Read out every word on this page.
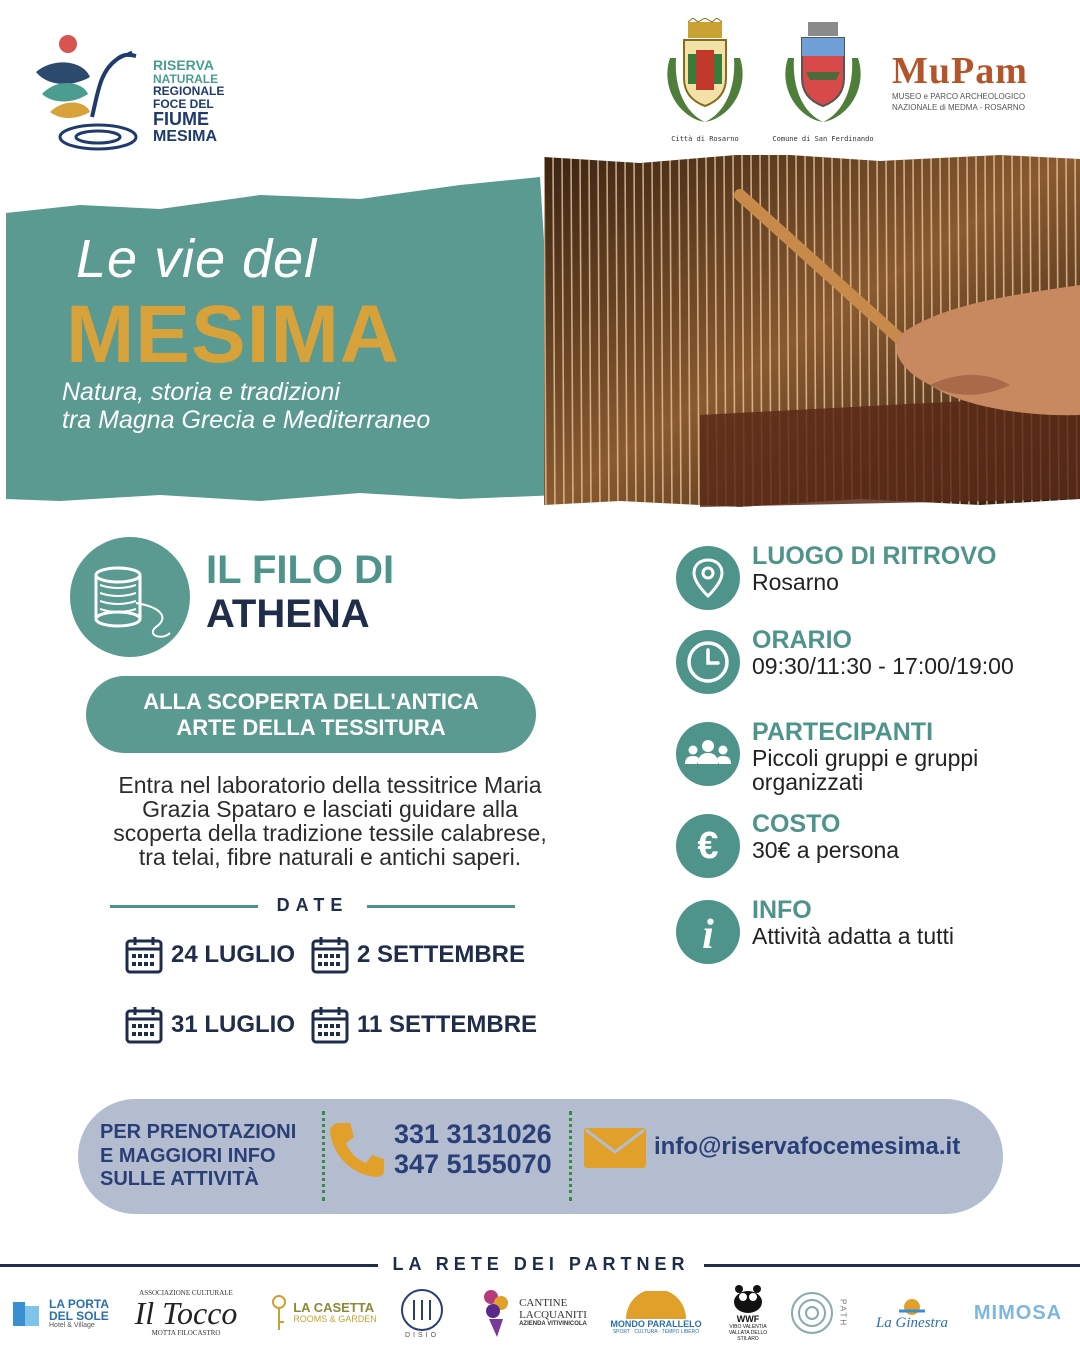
RISERVA
NATURALE
REGIONALE
FOCE DEL
FIUME
MESIMA	Città di Rosarno	Comune di San Ferdinando
MuPam
MUSEO e PARCO ARCHEOLOGICO
NAZIONALE di MEDMA - ROSARNO
Le vie del
MESIMA
Natura, storia e tradizioni
tra Magna Grecia e Mediterraneo
IL FILO DI
ATHENA
ALLA SCOPERTA DELL'ANTICA
ARTE DELLA TESSITURA
Entra nel laboratorio della tessitrice Maria
Grazia Spataro e lasciati guidare alla
scoperta della tradizione tessile calabrese,
tra telai, fibre naturali e antichi saperi.
DATE
24 LUGLIO	2 SETTEMBRE
31 LUGLIO	11 SETTEMBRE
LUOGO DI RITROVO
Rosarno
ORARIO
09:30/11:30 - 17:00/19:00
PARTECIPANTI
Piccoli gruppi e gruppi
organizzati
€
COSTO
30€ a persona
i
INFO
Attività adatta a tutti
PER PRENOTAZIONI
E MAGGIORI INFO
SULLE ATTIVITÀ
331 3131026
347 5155070
info@riservafocemesima.it
LA RETE DEI PARTNER
LA PORTA
DEL SOLE
Hotel & Village
ASSOCIAZIONE CULTURALE
Il Tocco
MOTTA FILOCASTRO
LA CASETTA
ROOMS & GARDEN
DISIO
CANTINE
LACQUANITI
AZIENDA VITIVINICOLA	MONDO PARALLELO
SPORT · CULTURA · TEMPO LIBERO
WWF
VIBO VALENTIA
VALLATA DELLO STILARO
PATH La Ginestra MIMOSA
